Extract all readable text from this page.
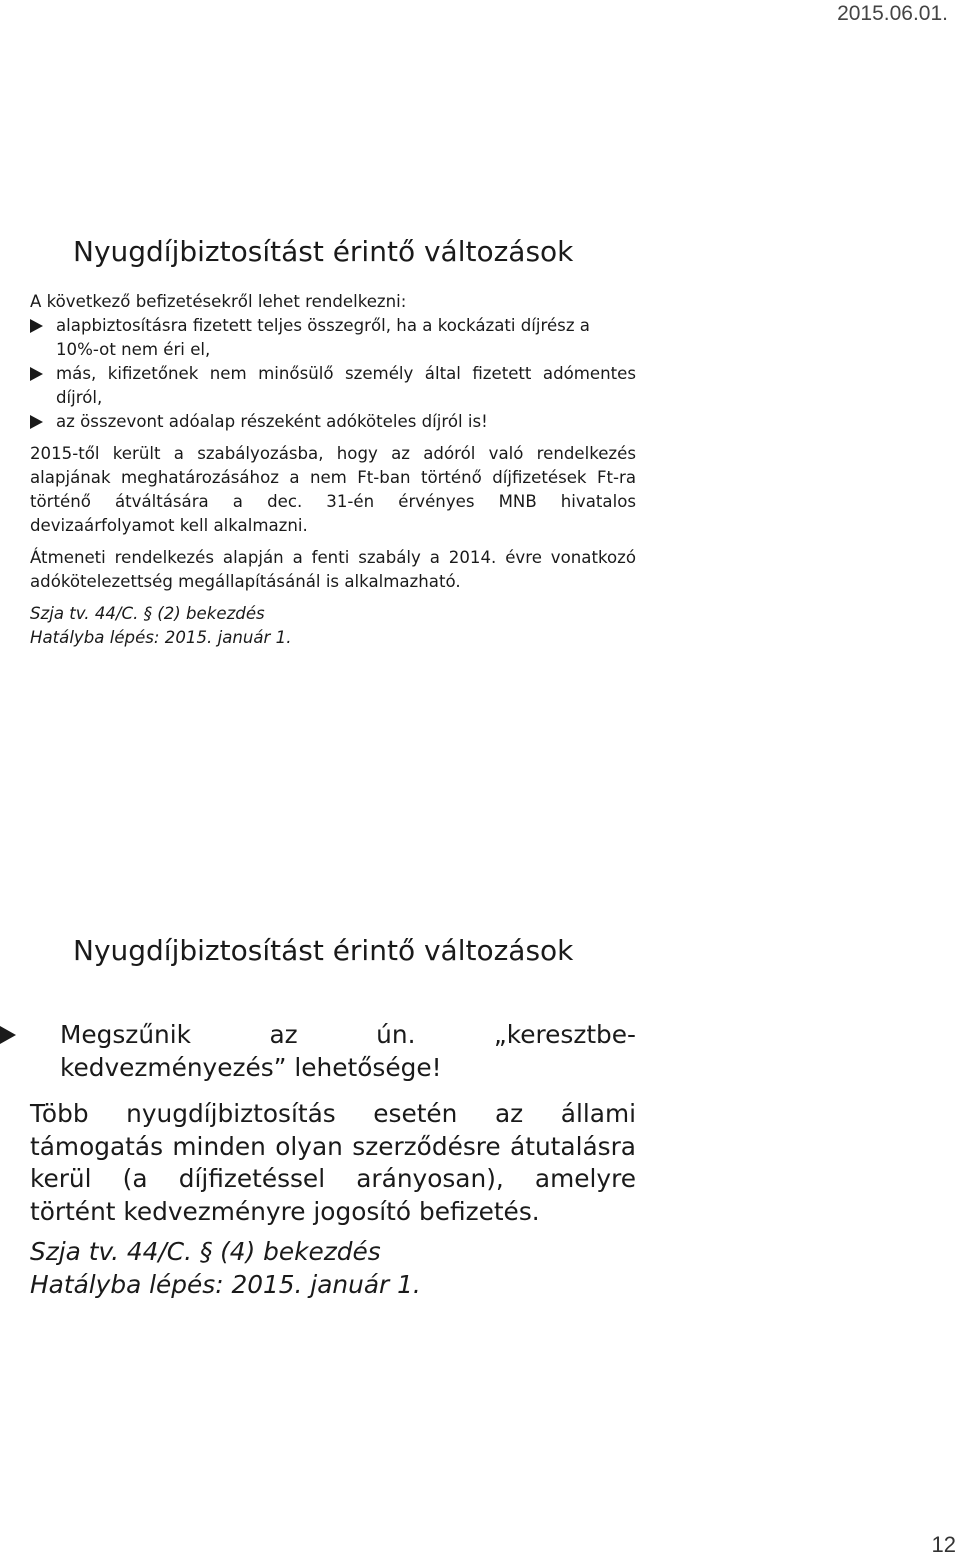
2015.06.01.
Nyugdíjbiztosítást érintő változások

A következő befizetésekről lehet rendelkezni:

alapbiztosításra fizetett teljes összegről, ha a kockázati díjrész a 10%-ot nem éri el,
más, kifizetőnek nem minősülő személy által fizetett adómentes díjról,
az összevont adóalap részeként adóköteles díjról is!

2015-től került a szabályozásba, hogy az adóról való rendelkezés alapjának meghatározásához a nem Ft-ban történő díjfizetések Ft-ra történő átváltására a dec. 31-én érvényes MNB hivatalos devizaárfolyamot kell alkalmazni.

Átmeneti rendelkezés alapján a fenti szabály a 2014. évre vonatkozó adókötelezettség megállapításánál is alkalmazható.

Szja tv. 44/C. § (2) bekezdés

Hatályba lépés: 2015. január 1.

Nyugdíjbiztosítást érintő változások
Megszűnik az ún. „keresztbe-kedvezményezés” lehetősége!

Több nyugdíjbiztosítás esetén az állami támogatás minden olyan szerződésre átutalásra kerül (a díjfizetéssel arányosan), amelyre történt kedvezményre jogosító befizetés.

Szja tv. 44/C. § (4) bekezdés

Hatályba lépés: 2015. január 1.

12
